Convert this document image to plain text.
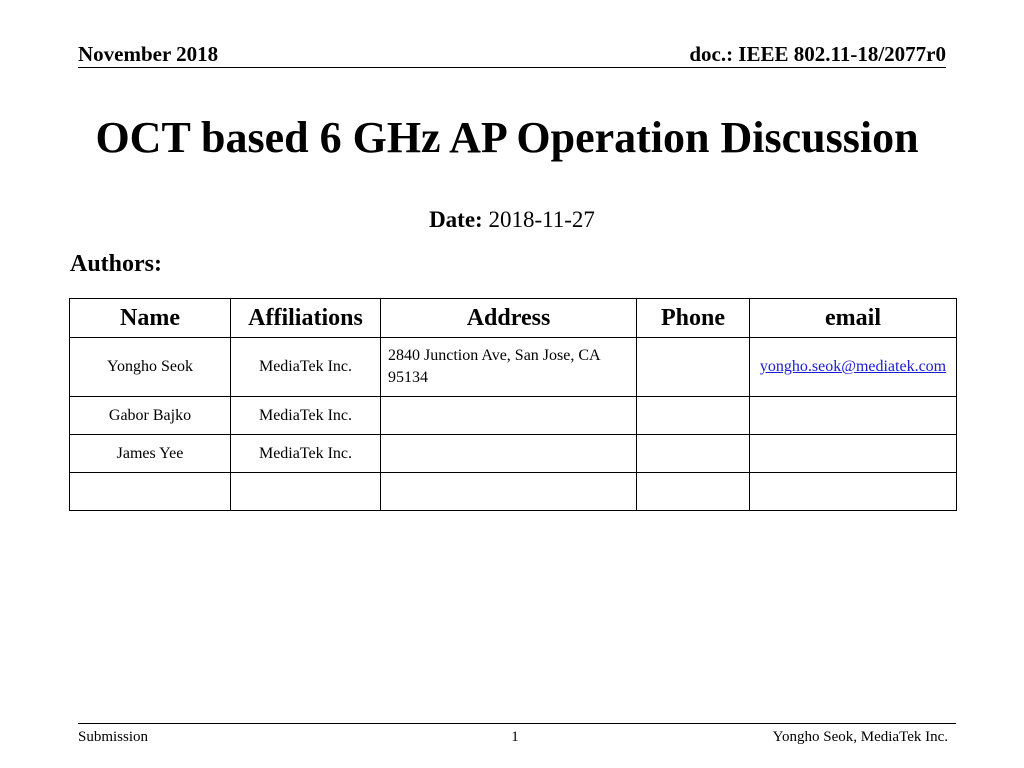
November 2018	doc.: IEEE 802.11-18/2077r0
OCT based 6 GHz AP Operation Discussion
Date: 2018-11-27
Authors:
Name	Affiliations	Address	Phone	email
Yongho Seok	MediaTek Inc.	2840 Junction Ave, San Jose, CA 95134		yongho.seok@mediatek.com
Gabor Bajko	MediaTek Inc.			
James Yee	MediaTek Inc.			

Submission	1	Yongho Seok, MediaTek Inc.
